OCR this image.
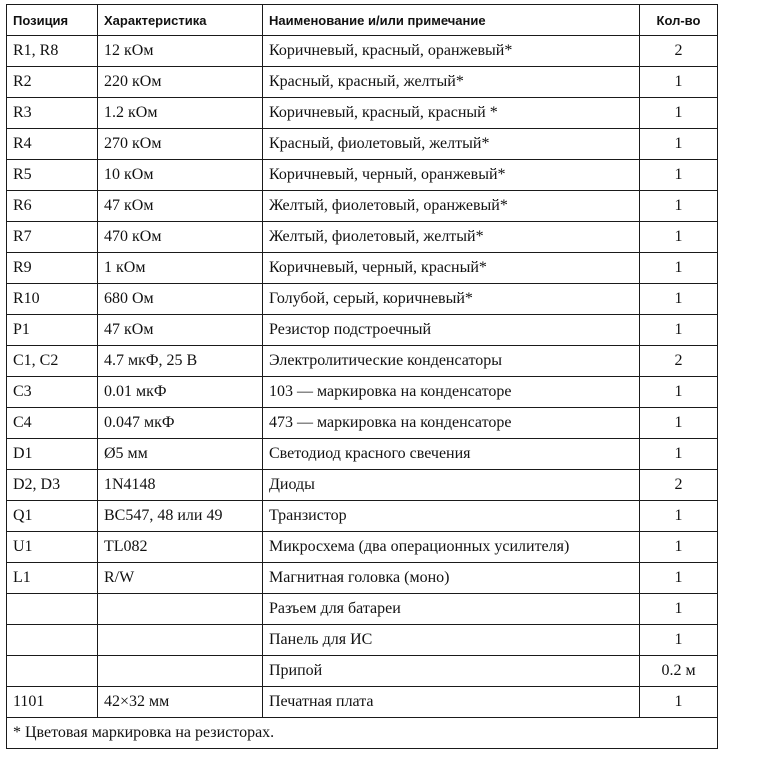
Позиция	Характеристика	Наименование и/или примечание	Кол-во
R1, R8	12 кОм	Коричневый, красный, оранжевый*	2
R2	220 кОм	Красный, красный, желтый*	1
R3	1.2 кОм	Коричневый, красный, красный *	1
R4	270 кОм	Красный, фиолетовый, желтый*	1
R5	10 кОм	Коричневый, черный, оранжевый*	1
R6	47 кОм	Желтый, фиолетовый, оранжевый*	1
R7	470 кОм	Желтый, фиолетовый, желтый*	1
R9	1 кОм	Коричневый, черный, красный*	1
R10	680 Ом	Голубой, серый, коричневый*	1
P1	47 кОм	Резистор подстроечный	1
C1, C2	4.7 мкФ, 25 В	Электролитические конденсаторы	2
C3	0.01 мкФ	103 — маркировка на конденсаторе	1
C4	0.047 мкФ	473 — маркировка на конденсаторе	1
D1	Ø5 мм	Светодиод красного свечения	1
D2, D3	1N4148	Диоды	2
Q1	BC547, 48 или 49	Транзистор	1
U1	TL082	Микросхема (два операционных усилителя)	1
L1	R/W	Магнитная головка (моно)	1
		Разъем для батареи	1
		Панель для ИС	1
		Припой	0.2 м
1101	42×32 мм	Печатная плата	1
* Цветовая маркировка на резисторах.			
